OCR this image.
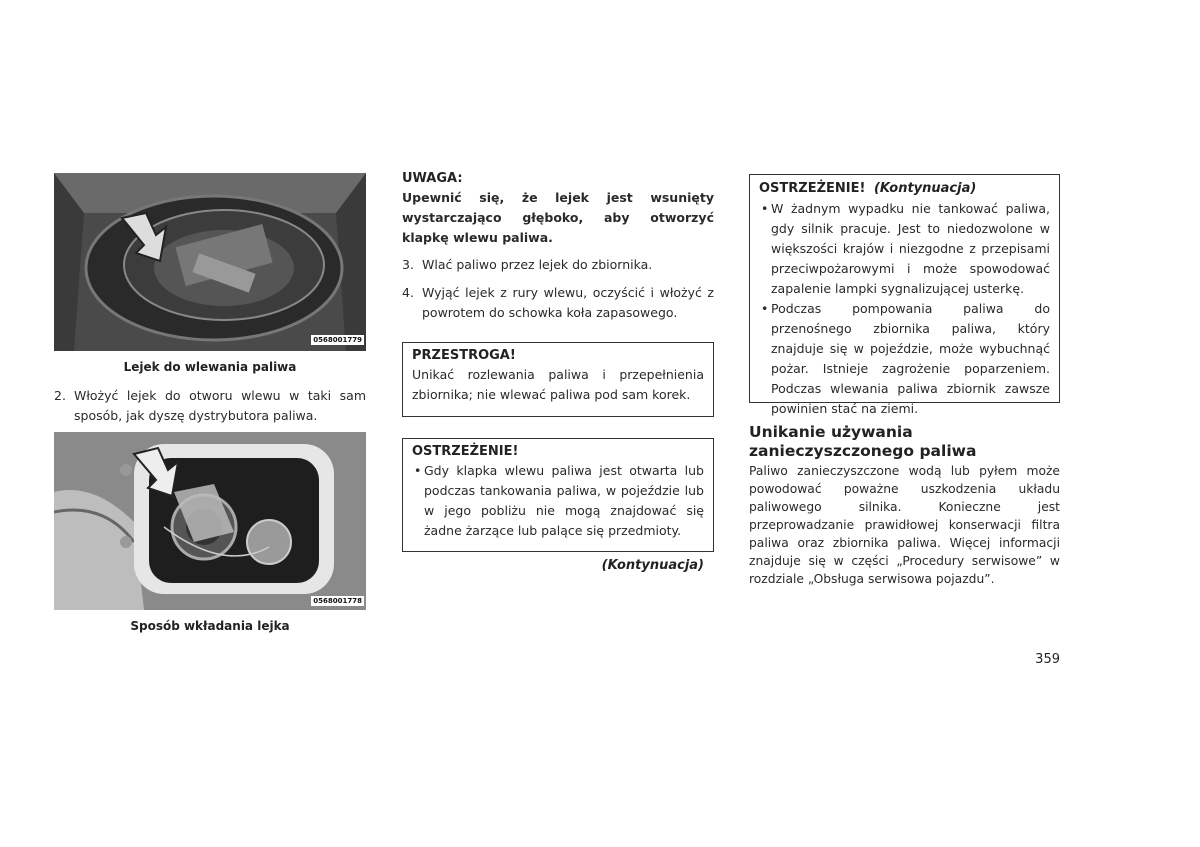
0568001779
Lejek do wlewania paliwa
2. Włożyć lejek do otworu wlewu w taki sam sposób, jak dyszę dystrybutora paliwa.
0568001778
Sposób wkładania lejka
UWAGA:
Upewnić się, że lejek jest wsunięty wystarczająco głęboko, aby otworzyć klapkę wlewu paliwa.
3. Wlać paliwo przez lejek do zbiornika.
4. Wyjąć lejek z rury wlewu, oczyścić i włożyć z powrotem do schowka koła zapasowego.
PRZESTROGA!
Unikać rozlewania paliwa i przepełnienia zbiornika; nie wlewać paliwa pod sam korek.
OSTRZEŻENIE!
• Gdy klapka wlewu paliwa jest otwarta lub podczas tankowania paliwa, w pojeździe lub w jego pobliżu nie mogą znajdować się żadne żarzące lub palące się przedmioty.
(Kontynuacja)
OSTRZEŻENIE! (Kontynuacja)
• W żadnym wypadku nie tankować paliwa, gdy silnik pracuje. Jest to niedozwolone w większości krajów i niezgodne z przepisami przeciwpożarowymi i może spowodować zapalenie lampki sygnalizującej usterkę.
• Podczas pompowania paliwa do przenośnego zbiornika paliwa, który znajduje się w pojeździe, może wybuchnąć pożar. Istnieje zagrożenie poparzeniem. Podczas wlewania paliwa zbiornik zawsze powinien stać na ziemi.
Unikanie używania zanieczyszczonego paliwa
Paliwo zanieczyszczone wodą lub pyłem może powodować poważne uszkodzenia układu paliwowego silnika. Konieczne jest przeprowadzanie prawidłowej konserwacji filtra paliwa oraz zbiornika paliwa. Więcej informacji znajduje się w części „Procedury serwisowe” w rozdziale „Obsługa serwisowa pojazdu”.
359
